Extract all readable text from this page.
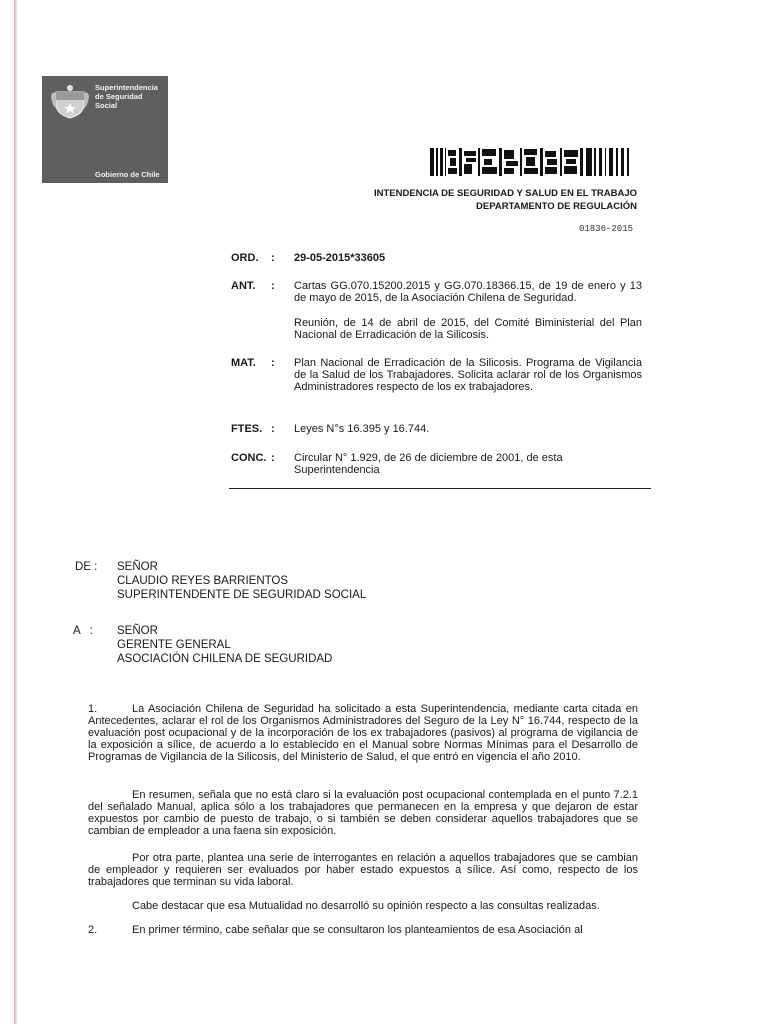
Superintendencia
de Seguridad
Social
Gobierno de Chile
INTENDENCIA DE SEGURIDAD Y SALUD EN EL TRABAJO
DEPARTAMENTO DE REGULACIÓN
01836-2015
ORD. : 29-05-2015*33605
ANT. : Cartas GG.070.15200.2015 y GG.070.18366.15, de 19 de enero y 13 de mayo de 2015, de la Asociación Chilena de Seguridad.
Reunión, de 14 de abril de 2015, del Comité Biministerial del Plan Nacional de Erradicación de la Silicosis.
MAT. : Plan Nacional de Erradicación de la Silicosis. Programa de Vigilancia de la Salud de los Trabajadores. Solicita aclarar rol de los Organismos Administradores respecto de los ex trabajadores.
FTES. : Leyes N°s 16.395 y 16.744.
CONC. : Circular N° 1.929, de 26 de diciembre de 2001, de esta Superintendencia
DE : SEÑOR
CLAUDIO REYES BARRIENTOS
SUPERINTENDENTE DE SEGURIDAD SOCIAL
A   : SEÑOR
GERENTE GENERAL
ASOCIACIÓN CHILENA DE SEGURIDAD
1.	La Asociación Chilena de Seguridad ha solicitado a esta Superintendencia, mediante carta citada en Antecedentes, aclarar el rol de los Organismos Administradores del Seguro de la Ley N° 16.744, respecto de la evaluación post ocupacional y de la incorporación de los ex trabajadores (pasivos) al programa de vigilancia de la exposición a sílice, de acuerdo a lo establecido en el Manual sobre Normas Mínimas para el Desarrollo de Programas de Vigilancia de la Silicosis, del Ministerio de Salud, el que entró en vigencia el año 2010.
En resumen, señala que no está claro si la evaluación post ocupacional contemplada en el punto 7.2.1 del señalado Manual, aplica sólo a los trabajadores que permanecen en la empresa y que dejaron de estar expuestos por cambio de puesto de trabajo, o si también se deben considerar aquellos trabajadores que se cambian de empleador a una faena sin exposición.
Por otra parte, plantea una serie de interrogantes en relación a aquellos trabajadores que se cambian de empleador y requieren ser evaluados por haber estado expuestos a sílice. Así como, respecto de los trabajadores que terminan su vida laboral.
Cabe destacar que esa Mutualidad no desarrolló su opinión respecto a las consultas realizadas.
2.	En primer término, cabe señalar que se consultaron los planteamientos de esa Asociación al
